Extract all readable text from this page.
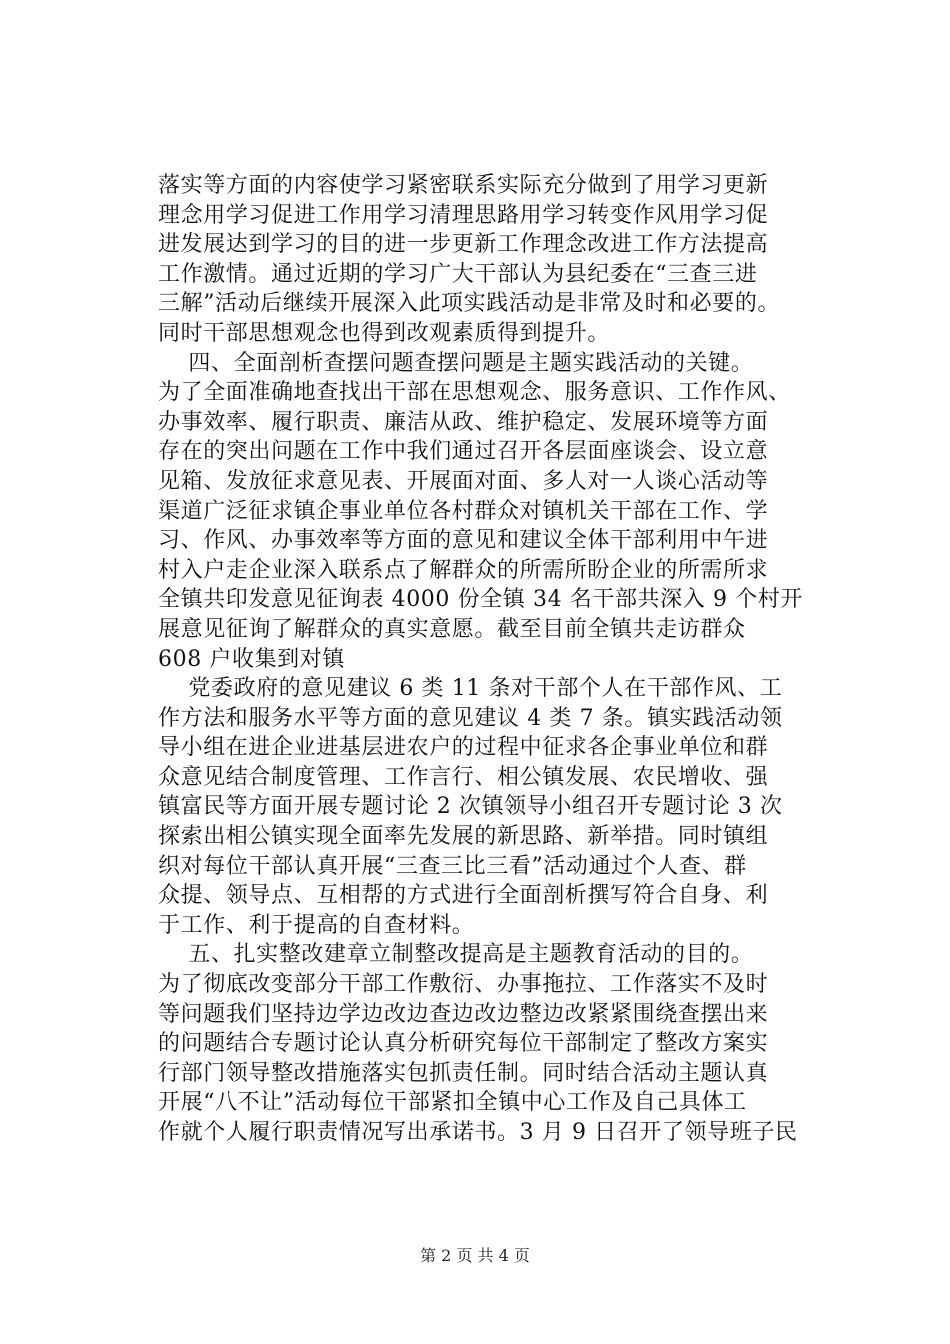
落实等方面的内容使学习紧密联系实际充分做到了用学习更新
理念用学习促进工作用学习清理思路用学习转变作风用学习促
进发展达到学习的目的进一步更新工作理念改进工作方法提高
工作激情。通过近期的学习广大干部认为县纪委在“三查三进
三解”活动后继续开展深入此项实践活动是非常及时和必要的。
同时干部思想观念也得到改观素质得到提升。
四、全面剖析查摆问题查摆问题是主题实践活动的关键。
为了全面准确地查找出干部在思想观念、服务意识、工作作风、
办事效率、履行职责、廉洁从政、维护稳定、发展环境等方面
存在的突出问题在工作中我们通过召开各层面座谈会、设立意
见箱、发放征求意见表、开展面对面、多人对一人谈心活动等
渠道广泛征求镇企事业单位各村群众对镇机关干部在工作、学
习、作风、办事效率等方面的意见和建议全体干部利用中午进
村入户走企业深入联系点了解群众的所需所盼企业的所需所求
全镇共印发意见征询表 4000 份全镇 34 名干部共深入 9 个村开
展意见征询了解群众的真实意愿。截至目前全镇共走访群众
608 户收集到对镇
党委政府的意见建议 6 类 11 条对干部个人在干部作风、工
作方法和服务水平等方面的意见建议 4 类 7 条。镇实践活动领
导小组在进企业进基层进农户的过程中征求各企事业单位和群
众意见结合制度管理、工作言行、相公镇发展、农民增收、强
镇富民等方面开展专题讨论 2 次镇领导小组召开专题讨论 3 次
探索出相公镇实现全面率先发展的新思路、新举措。同时镇组
织对每位干部认真开展“三查三比三看”活动通过个人查、群
众提、领导点、互相帮的方式进行全面剖析撰写符合自身、利
于工作、利于提高的自查材料。
五、扎实整改建章立制整改提高是主题教育活动的目的。
为了彻底改变部分干部工作敷衍、办事拖拉、工作落实不及时
等问题我们坚持边学边改边查边改边整边改紧紧围绕查摆出来
的问题结合专题讨论认真分析研究每位干部制定了整改方案实
行部门领导整改措施落实包抓责任制。同时结合活动主题认真
开展“八不让”活动每位干部紧扣全镇中心工作及自己具体工
作就个人履行职责情况写出承诺书。3 月 9 日召开了领导班子民
第 2 页 共 4 页
